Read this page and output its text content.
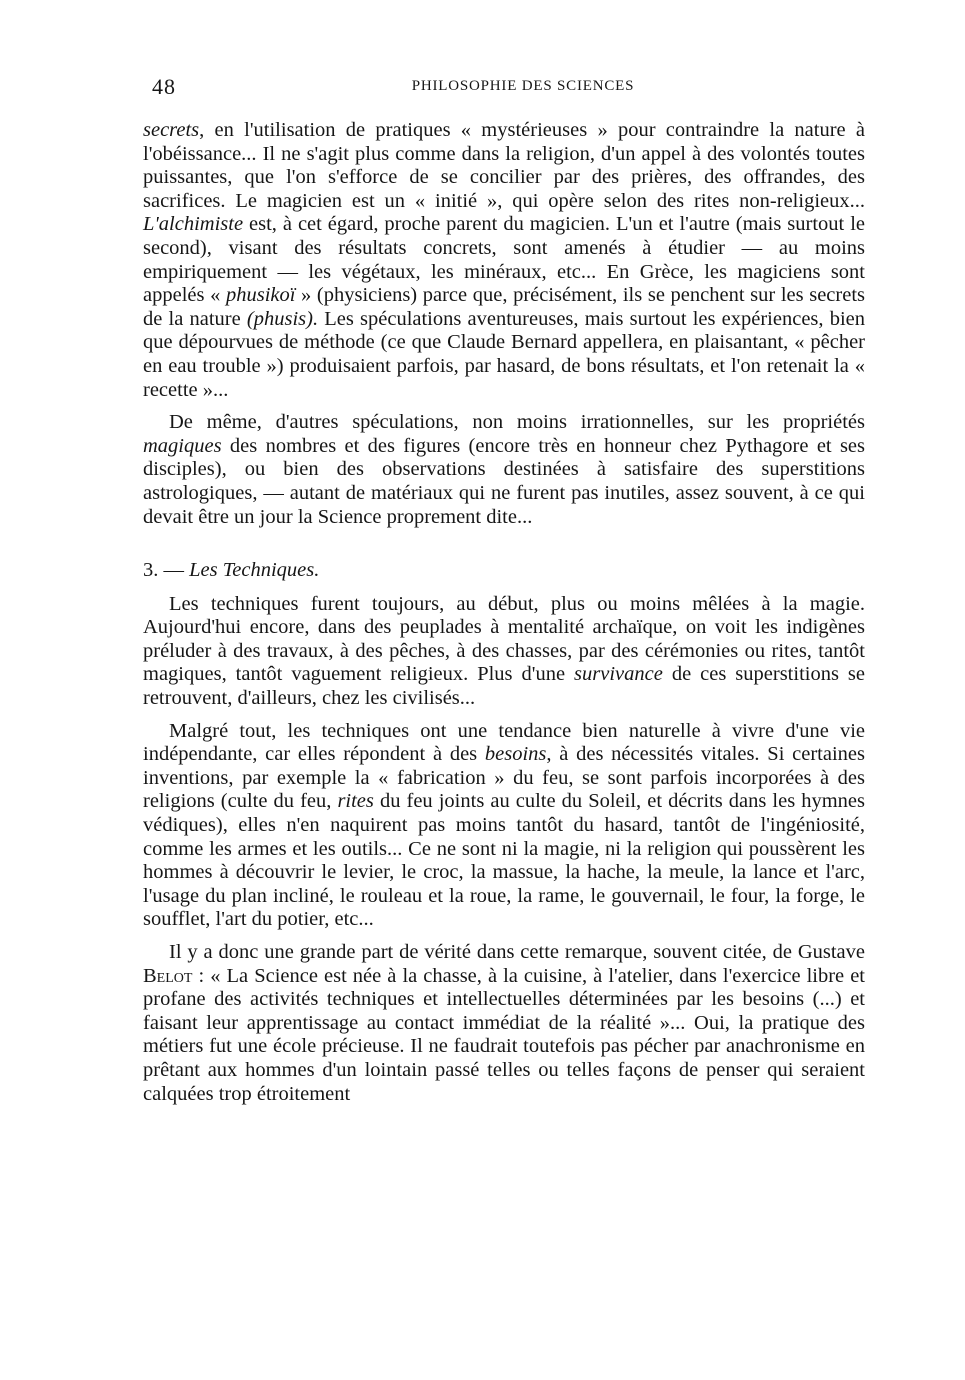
48	PHILOSOPHIE DES SCIENCES

secrets, en l'utilisation de pratiques « mystérieuses » pour contraindre la nature à l'obéissance... Il ne s'agit plus comme dans la religion, d'un appel à des volontés toutes puissantes, que l'on s'efforce de se concilier par des prières, des offrandes, des sacrifices. Le magicien est un « initié », qui opère selon des rites non-religieux... L'alchimiste est, à cet égard, proche parent du magicien. L'un et l'autre (mais surtout le second), visant des résultats concrets, sont amenés à étudier — au moins empiriquement — les végétaux, les minéraux, etc... En Grèce, les magiciens sont appelés « phusikoï » (physiciens) parce que, précisément, ils se penchent sur les secrets de la nature (phusis). Les spéculations aventureuses, mais surtout les expériences, bien que dépourvues de méthode (ce que Claude Bernard appellera, en plaisantant, « pêcher en eau trouble ») produisaient parfois, par hasard, de bons résultats, et l'on retenait la « recette »...

De même, d'autres spéculations, non moins irrationnelles, sur les propriétés magiques des nombres et des figures (encore très en honneur chez Pythagore et ses disciples), ou bien des observations destinées à satisfaire des superstitions astrologiques, — autant de matériaux qui ne furent pas inutiles, assez souvent, à ce qui devait être un jour la Science proprement dite...

3. — Les Techniques.

Les techniques furent toujours, au début, plus ou moins mêlées à la magie. Aujourd'hui encore, dans des peuplades à mentalité archaïque, on voit les indigènes préluder à des travaux, à des pêches, à des chasses, par des cérémonies ou rites, tantôt magiques, tantôt vaguement religieux. Plus d'une survivance de ces superstitions se retrouvent, d'ailleurs, chez les civilisés...

Malgré tout, les techniques ont une tendance bien naturelle à vivre d'une vie indépendante, car elles répondent à des besoins, à des nécessités vitales. Si certaines inventions, par exemple la « fabrication » du feu, se sont parfois incorporées à des religions (culte du feu, rites du feu joints au culte du Soleil, et décrits dans les hymnes védiques), elles n'en naquirent pas moins tantôt du hasard, tantôt de l'ingéniosité, comme les armes et les outils... Ce ne sont ni la magie, ni la religion qui poussèrent les hommes à découvrir le levier, le croc, la massue, la hache, la meule, la lance et l'arc, l'usage du plan incliné, le rouleau et la roue, la rame, le gouvernail, le four, la forge, le soufflet, l'art du potier, etc...

Il y a donc une grande part de vérité dans cette remarque, souvent citée, de Gustave Belot : « La Science est née à la chasse, à la cuisine, à l'atelier, dans l'exercice libre et profane des activités techniques et intellectuelles déterminées par les besoins (...) et faisant leur apprentissage au contact immédiat de la réalité »... Oui, la pratique des métiers fut une école précieuse. Il ne faudrait toutefois pas pécher par anachronisme en prêtant aux hommes d'un lointain passé telles ou telles façons de penser qui seraient calquées trop étroitement
